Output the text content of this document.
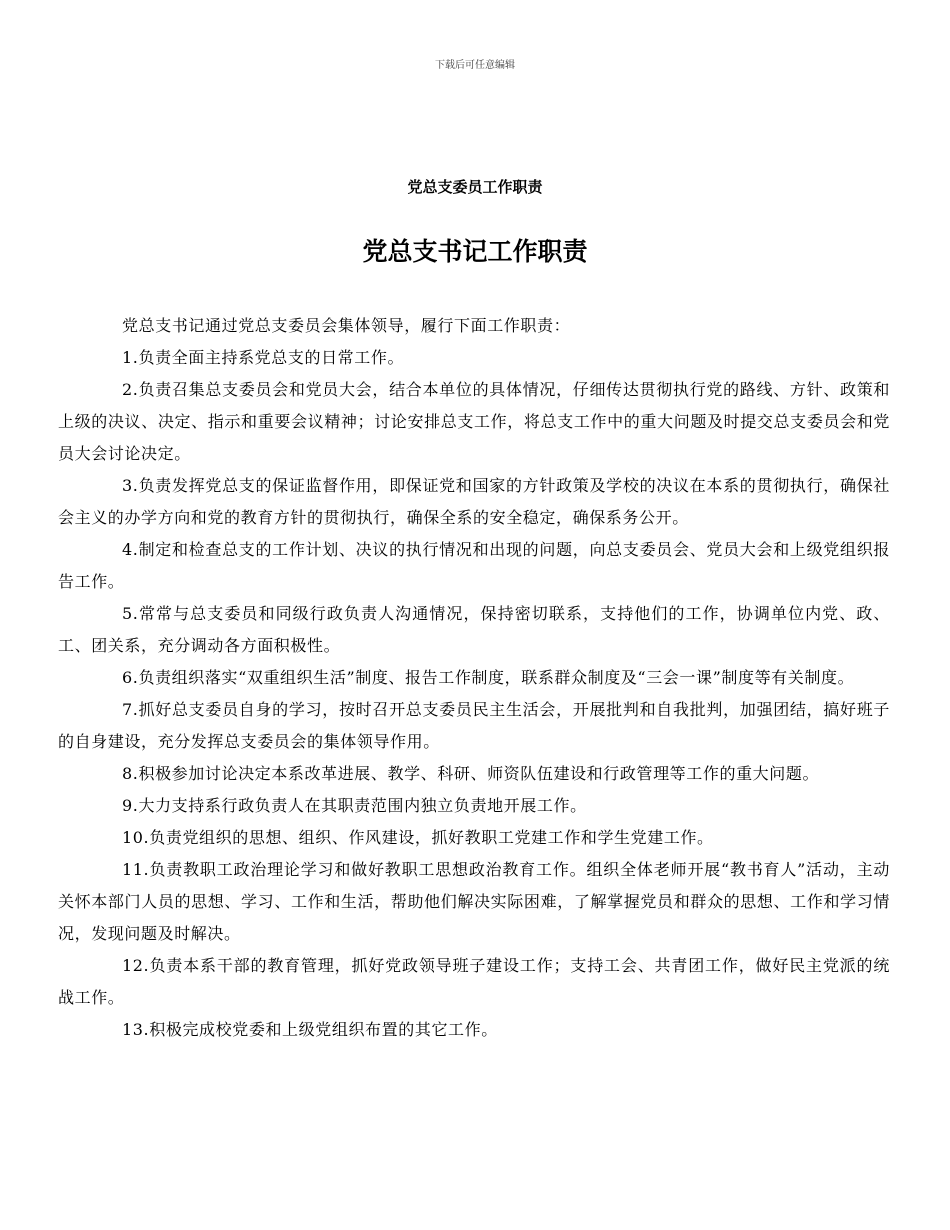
下载后可任意编辑
党总支委员工作职责
党总支书记工作职责

党总支书记通过党总支委员会集体领导，履行下面工作职责：

1.负责全面主持系党总支的日常工作。

2.负责召集总支委员会和党员大会，结合本单位的具体情况，仔细传达贯彻执行党的路线、方针、政策和上级的决议、决定、指示和重要会议精神；讨论安排总支工作，将总支工作中的重大问题及时提交总支委员会和党员大会讨论决定。

3.负责发挥党总支的保证监督作用，即保证党和国家的方针政策及学校的决议在本系的贯彻执行，确保社会主义的办学方向和党的教育方针的贯彻执行，确保全系的安全稳定，确保系务公开。

4.制定和检查总支的工作计划、决议的执行情况和出现的问题，向总支委员会、党员大会和上级党组织报告工作。

5.常常与总支委员和同级行政负责人沟通情况，保持密切联系，支持他们的工作，协调单位内党、政、工、团关系，充分调动各方面积极性。

6.负责组织落实“双重组织生活”制度、报告工作制度，联系群众制度及“三会一课”制度等有关制度。

7.抓好总支委员自身的学习，按时召开总支委员民主生活会，开展批判和自我批判，加强团结，搞好班子的自身建设，充分发挥总支委员会的集体领导作用。

8.积极参加讨论决定本系改革进展、教学、科研、师资队伍建设和行政管理等工作的重大问题。

9.大力支持系行政负责人在其职责范围内独立负责地开展工作。

10.负责党组织的思想、组织、作风建设，抓好教职工党建工作和学生党建工作。

11.负责教职工政治理论学习和做好教职工思想政治教育工作。组织全体老师开展“教书育人”活动，主动关怀本部门人员的思想、学习、工作和生活，帮助他们解决实际困难，了解掌握党员和群众的思想、工作和学习情况，发现问题及时解决。

12.负责本系干部的教育管理，抓好党政领导班子建设工作；支持工会、共青团工作，做好民主党派的统战工作。

13.积极完成校党委和上级党组织布置的其它工作。
